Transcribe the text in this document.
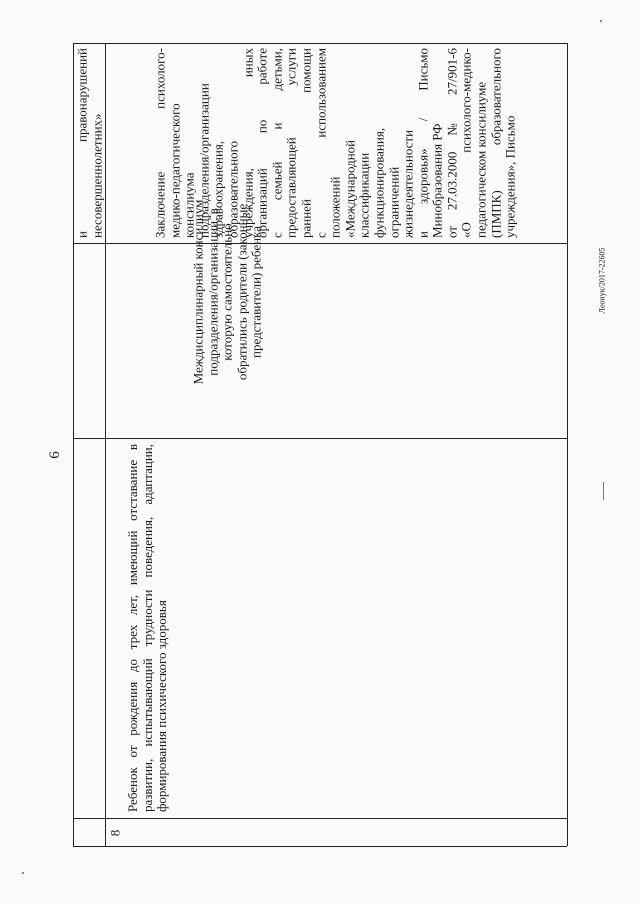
6
Леонук/2017-22605
и правонарушений несовершеннолетних»
8
Ребенок от рождения до трех лет, имеющий отставание в развитии, испытывающий трудности поведения, адаптации, формирования психического здоровья
Междисциплинарный консилиум подразделения/организации, в которую самостоятельно обратились родители (законные представители) ребенка
Заключение психолого- медико-педагогического консилиума подразделения/организации здравоохранения, образовательного учреждения, иных организаций по работе с семьей и детьми, предоставляющей услуги ранней помощи с использованием положений «Международной классификации функционирования, ограничений жизнедеятельности и здоровья» / Письмо Минобразования РФ от 27.03.2000 № 27/901-6 «О психолого-медико- педагогическом консилиуме (ПМПК) образовательного учреждения», Письмо
